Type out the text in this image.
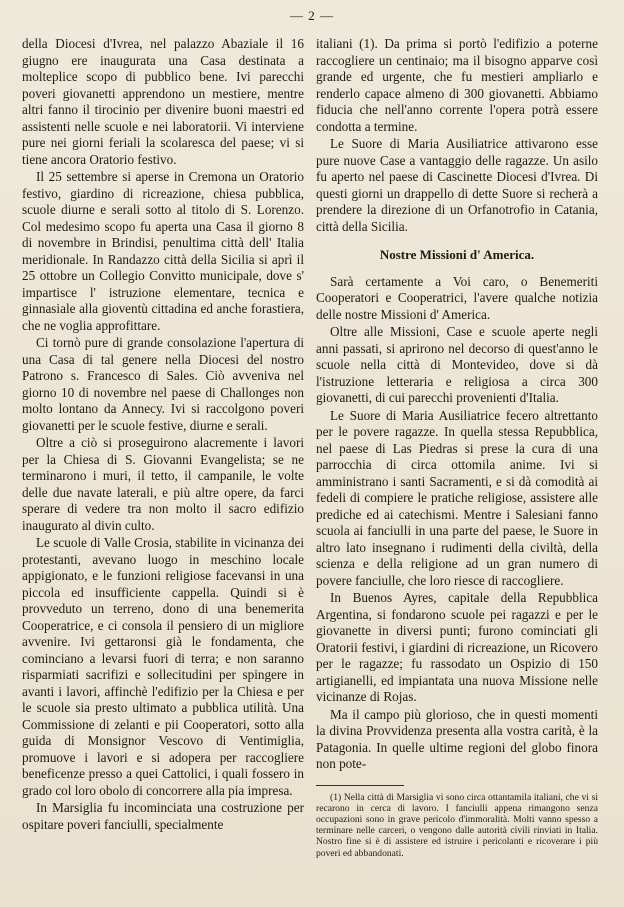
— 2 —

della Diocesi d'Ivrea, nel palazzo Abaziale il 16 giugno ere inaugurata una Casa destinata a molteplice scopo di pubblico bene. Ivi parecchi poveri giovanetti apprendono un mestiere, mentre altri fanno il tirocinio per divenire buoni maestri ed assistenti nelle scuole e nei laboratorii. Vi interviene pure nei giorni feriali la scolaresca del paese; vi si tiene ancora Oratorio festivo.

Il 25 settembre si aperse in Cremona un Oratorio festivo, giardino di ricreazione, chiesa pubblica, scuole diurne e serali sotto al titolo di S. Lorenzo. Col medesimo scopo fu aperta una Casa il giorno 8 di novembre in Brindisi, penultima città dell' Italia meridionale. In Randazzo città della Sicilia si aprì il 25 ottobre un Collegio Convitto municipale, dove s' impartisce l' istruzione elementare, tecnica e ginnasiale alla gioventù cittadina ed anche forastiera, che ne voglia approfittare.

Ci tornò pure di grande consolazione l'apertura di una Casa di tal genere nella Diocesi del nostro Patrono s. Francesco di Sales. Ciò avveniva nel giorno 10 di novembre nel paese di Challonges non molto lontano da Annecy. Ivi si raccolgono poveri giovanetti per le scuole festive, diurne e serali.

Oltre a ciò si proseguirono alacremente i lavori per la Chiesa di S. Giovanni Evangelista; se ne terminarono i muri, il tetto, il campanile, le volte delle due navate laterali, e più altre opere, da farci sperare di vedere tra non molto il sacro edifizio inaugurato al divin culto.

Le scuole di Valle Crosia, stabilite in vicinanza dei protestanti, avevano luogo in meschino locale appigionato, e le funzioni religiose facevansi in una piccola ed insufficiente cappella. Quindi si è provveduto un terreno, dono di una benemerita Cooperatrice, e ci consola il pensiero di un migliore avvenire. Ivi gettaronsi già le fondamenta, che cominciano a levarsi fuori di terra; e non saranno risparmiati sacrifizi e sollecitudini per spingere in avanti i lavori, affinchè l'edifizio per la Chiesa e per le scuole sia presto ultimato a pubblica utilità. Una Commissione di zelanti e pii Cooperatori, sotto alla guida di Monsignor Vescovo di Ventimiglia, promuove i lavori e si adopera per raccogliere beneficenze presso a quei Cattolici, i quali fossero in grado col loro obolo di concorrere alla pia impresa.

In Marsiglia fu incominciata una costruzione per ospitare poveri fanciulli, specialmente

italiani (1). Da prima si portò l'edifizio a poterne raccogliere un centinaio; ma il bisogno apparve così grande ed urgente, che fu mestieri ampliarlo e renderlo capace almeno di 300 giovanetti. Abbiamo fiducia che nell'anno corrente l'opera potrà essere condotta a termine.

Le Suore di Maria Ausiliatrice attivarono esse pure nuove Case a vantaggio delle ragazze. Un asilo fu aperto nel paese di Cascinette Diocesi d'Ivrea. Di questi giorni un drappello di dette Suore si recherà a prendere la direzione di un Orfanotrofio in Catania, città della Sicilia.

Nostre Missioni d' America.

Sarà certamente a Voi caro, o Benemeriti Cooperatori e Cooperatrici, l'avere qualche notizia delle nostre Missioni d' America.

Oltre alle Missioni, Case e scuole aperte negli anni passati, si aprirono nel decorso di quest'anno le scuole nella città di Montevideo, dove si dà l'istruzione letteraria e religiosa a circa 300 giovanetti, di cui parecchi provenienti d'Italia.

Le Suore di Maria Ausiliatrice fecero altrettanto per le povere ragazze. In quella stessa Repubblica, nel paese di Las Piedras si prese la cura di una parrocchia di circa ottomila anime. Ivi si amministrano i santi Sacramenti, e si dà comodità ai fedeli di compiere le pratiche religiose, assistere alle prediche ed ai catechismi. Mentre i Salesiani fanno scuola ai fanciulli in una parte del paese, le Suore in altro lato insegnano i rudimenti della civiltà, della scienza e della religione ad un gran numero di povere fanciulle, che loro riesce di raccogliere.

In Buenos Ayres, capitale della Repubblica Argentina, si fondarono scuole pei ragazzi e per le giovanette in diversi punti; furono cominciati gli Oratorii festivi, i giardini di ricreazione, un Ricovero per le ragazze; fu rassodato un Ospizio di 150 artigianelli, ed impiantata una nuova Missione nelle vicinanze di Rojas.

Ma il campo più glorioso, che in questi momenti la divina Provvidenza presenta alla vostra carità, è la Patagonia. In quelle ultime regioni del globo finora non pote-

(1) Nella città di Marsiglia vi sono circa ottantamila italiani, che vi si recarono in cerca di lavoro. I fanciulli appena rimangono senza occupazioni sono in grave pericolo d'immoralità. Molti vanno spesso a terminare nelle carceri, o vengono dalle autorità civili rinviati in Italia. Nostro fine si è di assistere ed istruire i pericolanti e ricoverare i più poveri ed abbandonati.
